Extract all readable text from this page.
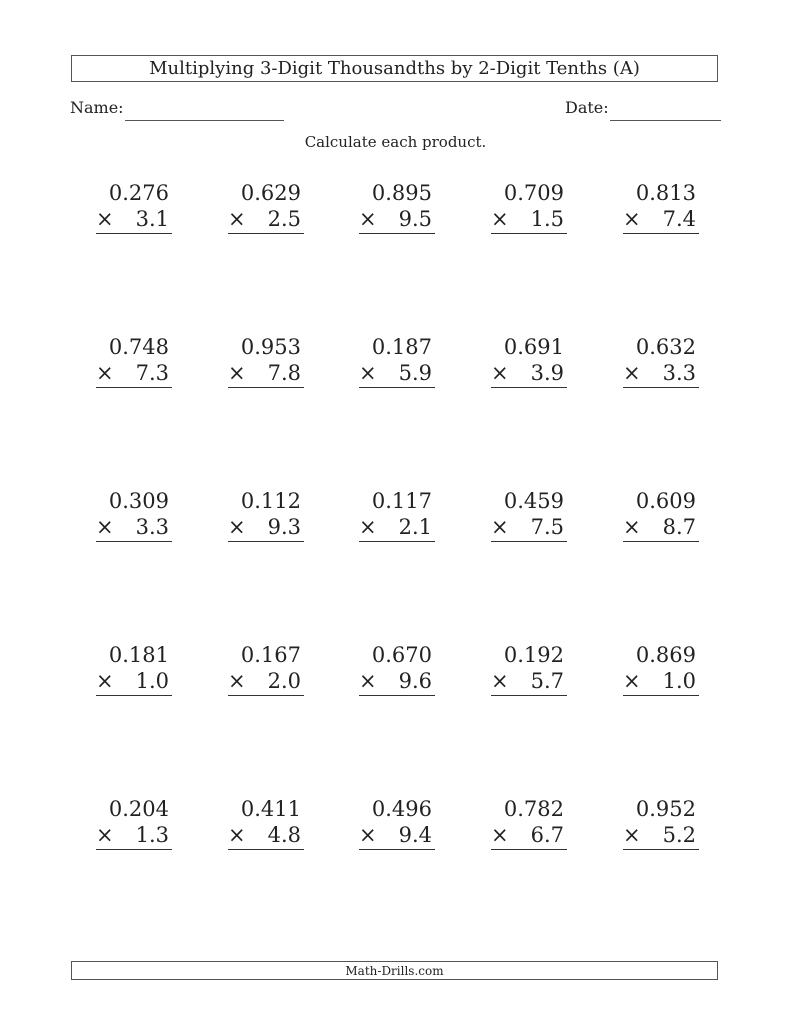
Multiplying 3-Digit Thousandths by 2-Digit Tenths (A)
Name:	Date:
Calculate each product.
0.276
× 3.1
0.629
× 2.5
0.895
× 9.5
0.709
× 1.5
0.813
× 7.4
0.748
× 7.3
0.953
× 7.8
0.187
× 5.9
0.691
× 3.9
0.632
× 3.3
0.309
× 3.3
0.112
× 9.3
0.117
× 2.1
0.459
× 7.5
0.609
× 8.7
0.181
× 1.0
0.167
× 2.0
0.670
× 9.6
0.192
× 5.7
0.869
× 1.0
0.204
× 1.3
0.411
× 4.8
0.496
× 9.4
0.782
× 6.7
0.952
× 5.2
Math-Drills.com
